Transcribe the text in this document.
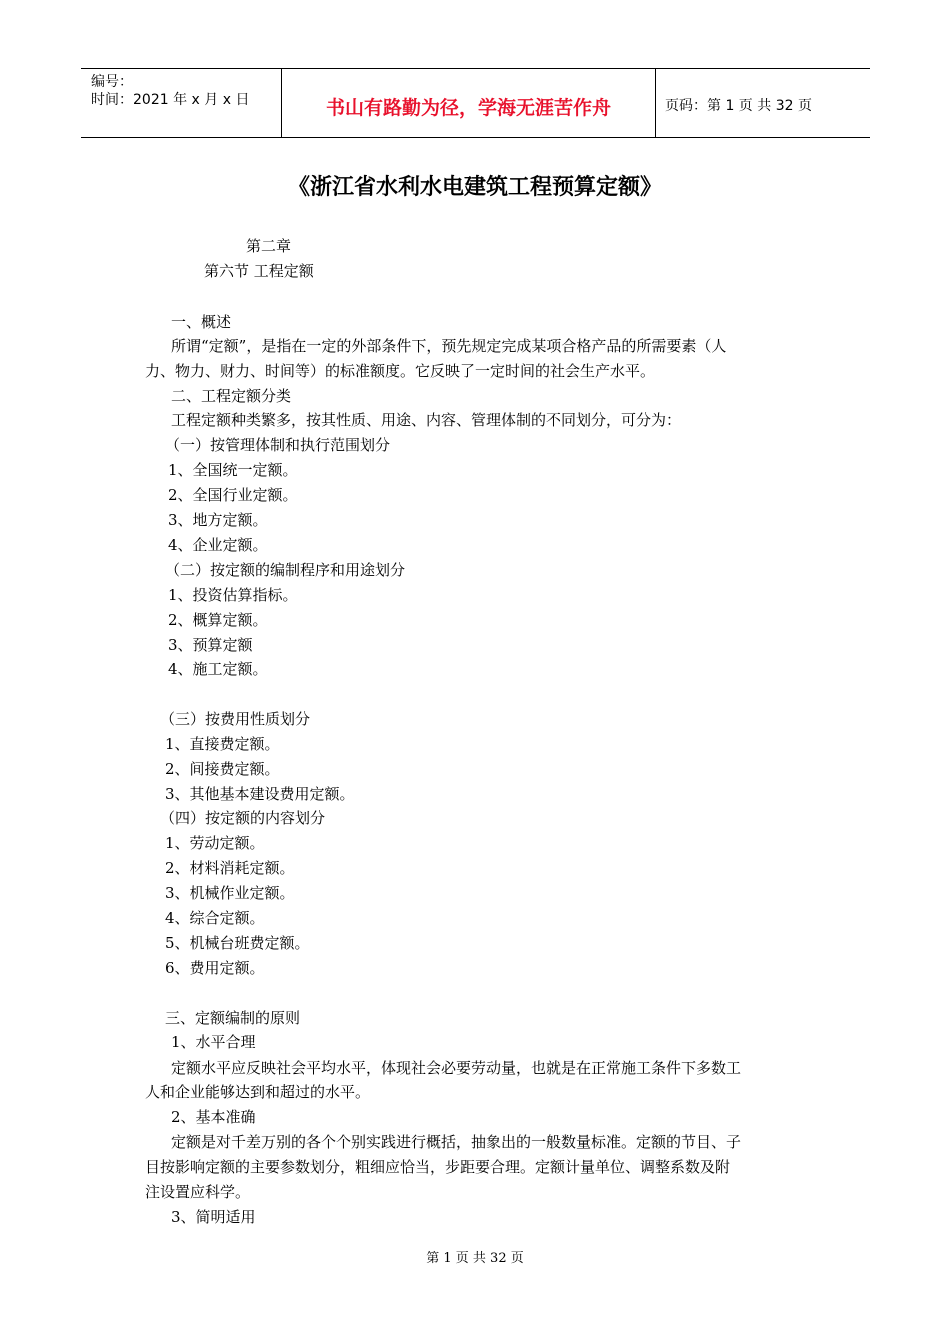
编号：
时间：2021 年 x 月 x 日	书山有路勤为径，学海无涯苦作舟	页码：第 1 页 共 32 页
《浙江省水利水电建筑工程预算定额》
第二章
第六节 工程定额
一、概述
所谓“定额”，是指在一定的外部条件下，预先规定完成某项合格产品的所需要素（人
力、物力、财力、时间等）的标准额度。它反映了一定时间的社会生产水平。
二、工程定额分类
工程定额种类繁多，按其性质、用途、内容、管理体制的不同划分，可分为：
（一）按管理体制和执行范围划分
1、全国统一定额。
2、全国行业定额。
3、地方定额。
4、企业定额。
（二）按定额的编制程序和用途划分
1、投资估算指标。
2、概算定额。
3、预算定额
4、施工定额。
（三）按费用性质划分
1、直接费定额。
2、间接费定额。
3、其他基本建设费用定额。
（四）按定额的内容划分
1、劳动定额。
2、材料消耗定额。
3、机械作业定额。
4、综合定额。
5、机械台班费定额。
6、费用定额。
三、定额编制的原则
1、水平合理
定额水平应反映社会平均水平，体现社会必要劳动量，也就是在正常施工条件下多数工
人和企业能够达到和超过的水平。
2、基本准确
定额是对千差万别的各个个别实践进行概括，抽象出的一般数量标准。定额的节目、子
目按影响定额的主要参数划分，粗细应恰当，步距要合理。定额计量单位、调整系数及附
注设置应科学。
3、简明适用
第 1 页 共 32 页
